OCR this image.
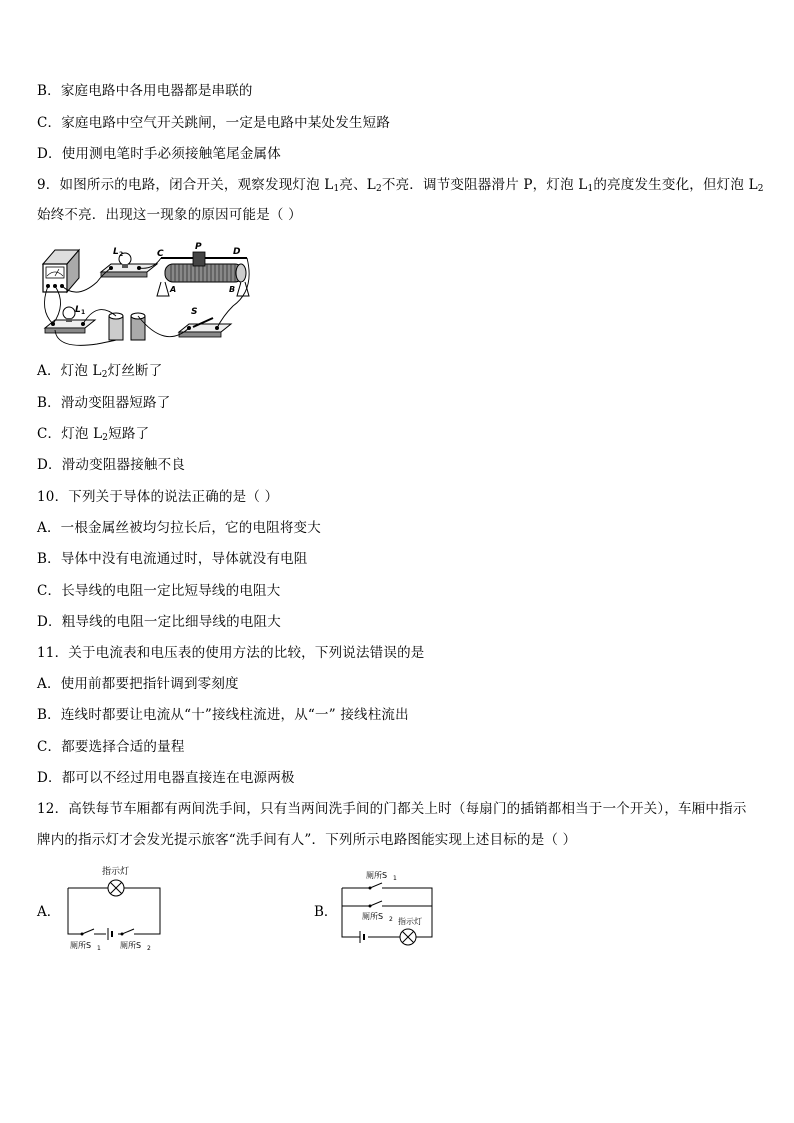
B．家庭电路中各用电器都是串联的
C．家庭电路中空气开关跳闸，一定是电路中某处发生短路
D．使用测电笔时手必须接触笔尾金属体
9．如图所示的电路，闭合开关，观察发现灯泡 $L_1$亮、$L_2$不亮．调节变阻器滑片 P，灯泡 $L_1$的亮度发生变化，但灯泡 $L_2$
始终不亮．出现这一现象的原因可能是（ ）
L 2	C
P	D
A	B
L 1	S
A．灯泡 $L_2$灯丝断了
B．滑动变阻器短路了
C．灯泡 $L_2$短路了
D．滑动变阻器接触不良
10．下列关于导体的说法正确的是（ ）
A．一根金属丝被均匀拉长后，它的电阻将变大
B．导体中没有电流通过时，导体就没有电阻
C．长导线的电阻一定比短导线的电阻大
D．粗导线的电阻一定比细导线的电阻大
11．关于电流表和电压表的使用方法的比较，下列说法错误的是
A．使用前都要把指针调到零刻度
B．连线时都要让电流从“十”接线柱流进，从“一” 接线柱流出
C．都要选择合适的量程
D．都可以不经过用电器直接连在电源两极
12．高铁每节车厢都有两间洗手间，只有当两间洗手间的门都关上时（每扇门的插销都相当于一个开关），车厢中指示
牌内的指示灯才会发光提示旅客“洗手间有人”．下列所示电路图能实现上述目标的是（ ）
A．
指示灯
厕所S 1 厕所S 2
B．
厕所S 1
厕所S 2 指示灯
